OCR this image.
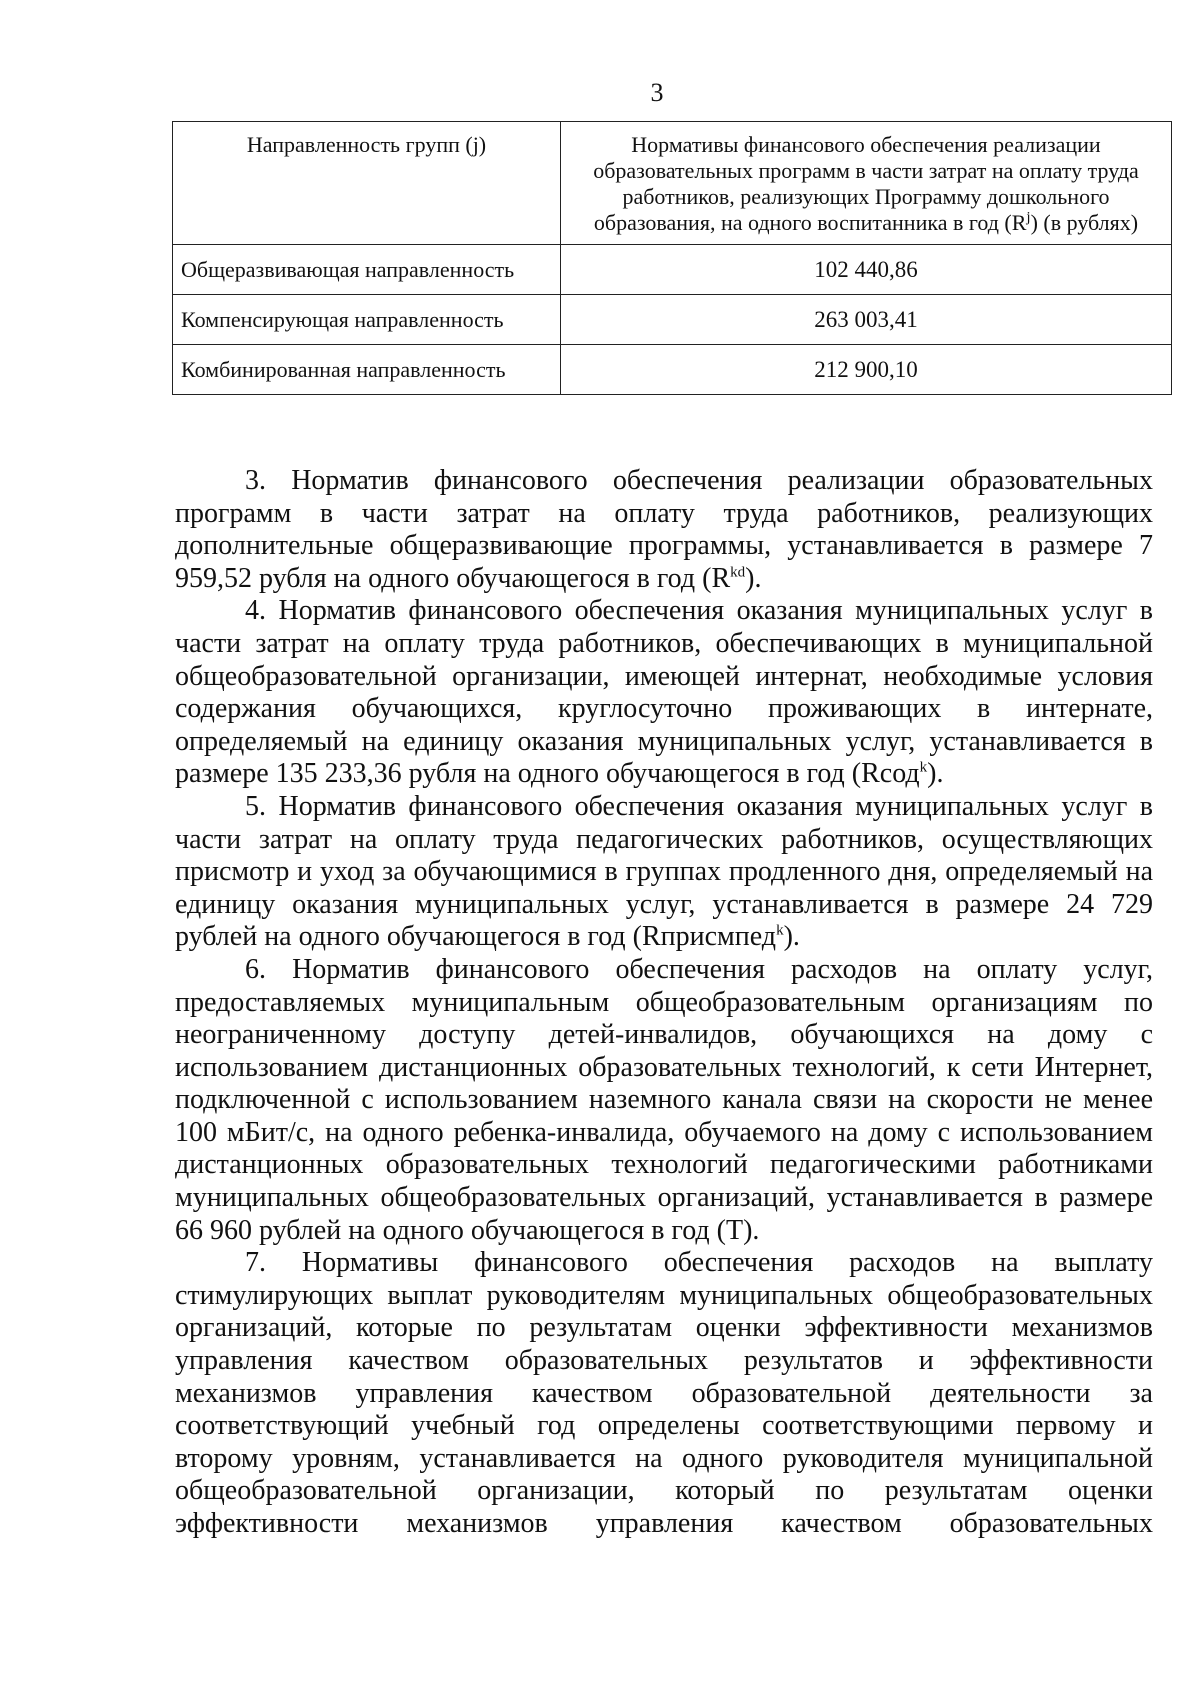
3
Направленность групп (j)	Нормативы финансового обеспечения реализации образовательных программ в части затрат на оплату труда работников, реализующих Программу дошкольного образования, на одного воспитанника в год $(R^j)$ (в рублях)
Общеразвивающая направленность	102 440,86
Компенсирующая направленность	263 003,41
Комбинированная направленность	212 900,10

3. Норматив финансового обеспечения реализации образовательных программ в части затрат на оплату труда работников, реализующих дополнительные общеразвивающие программы, устанавливается в размере 7 959,52 рубля на одного обучающегося в год $(R^{kd})$.

4. Норматив финансового обеспечения оказания муниципальных услуг в части затрат на оплату труда работников, обеспечивающих в муниципальной общеобразовательной организации, имеющей интернат, необходимые условия содержания обучающихся, круглосуточно проживающих в интернате, определяемый на единицу оказания муниципальных услуг, устанавливается в размере 135 233,36 рубля на одного обучающегося в год (Rсод$^k$).

5. Норматив финансового обеспечения оказания муниципальных услуг в части затрат на оплату труда педагогических работников, осуществляющих присмотр и уход за обучающимися в группах продленного дня, определяемый на единицу оказания муниципальных услуг, устанавливается в размере 24 729 рублей на одного обучающегося в год (Rприсмпед$^k$).

6. Норматив финансового обеспечения расходов на оплату услуг, предоставляемых муниципальным общеобразовательным организациям по неограниченному доступу детей-инвалидов, обучающихся на дому с использованием дистанционных образовательных технологий, к сети Интернет, подключенной с использованием наземного канала связи на скорости не менее 100 мБит/с, на одного ребенка-инвалида, обучаемого на дому с использованием дистанционных образовательных технологий педагогическими работниками муниципальных общеобразовательных организаций, устанавливается в размере 66 960 рублей на одного обучающегося в год (Т).

7. Нормативы финансового обеспечения расходов на выплату стимулирующих выплат руководителям муниципальных общеобразовательных организаций, которые по результатам оценки эффективности механизмов управления качеством образовательных результатов и эффективности механизмов управления качеством образовательной деятельности за соответствующий учебный год определены соответствующими первому и второму уровням, устанавливается на одного руководителя муниципальной общеобразовательной организации, который по результатам оценки эффективности механизмов управления качеством образовательных
